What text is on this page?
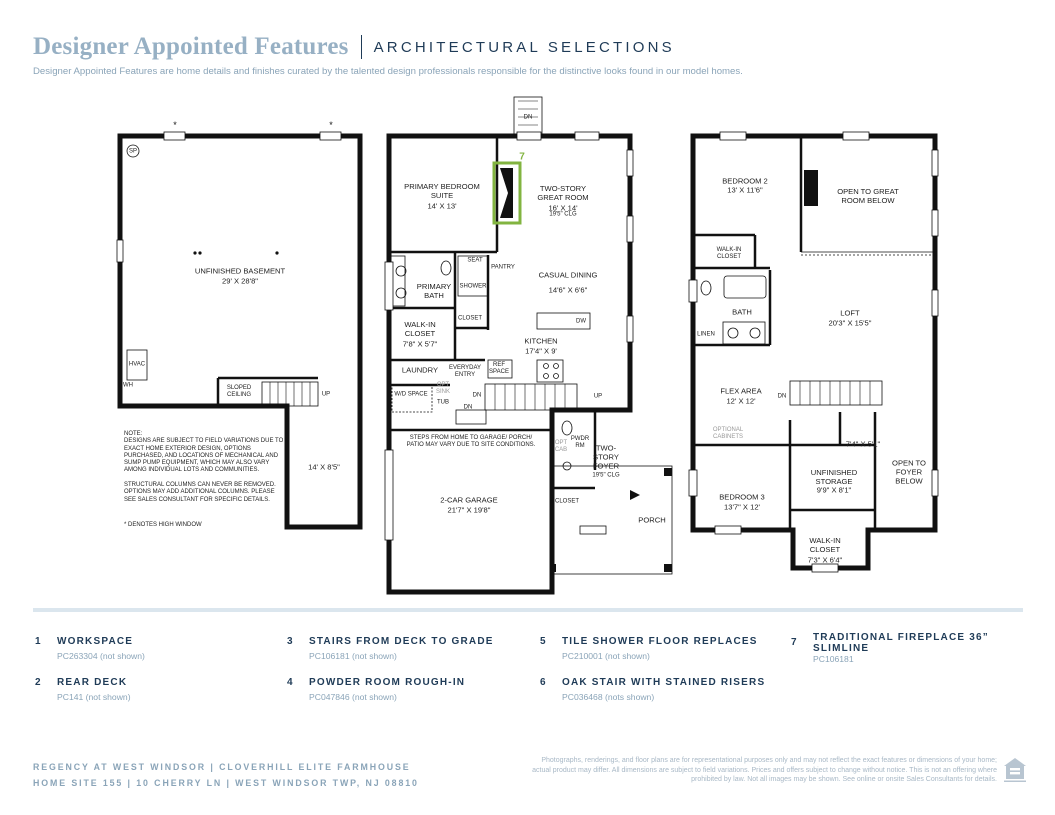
Designer Appointed Features ARCHITECTURAL SELECTIONS
Designer Appointed Features are home details and finishes curated by the talented design professionals responsible for the distinctive looks found in our model homes.
*	*
SP
UNFINISHED BASEMENT
29' X 28'8"
HVAC
WH	SLOPED CEILING	UP
14' X 8'5"
NOTE:
DESIGNS ARE SUBJECT TO FIELD VARIATIONS DUE TO EXACT HOME EXTERIOR DESIGN, OPTIONS PURCHASED, AND LOCATIONS OF MECHANICAL AND SUMP PUMP EQUIPMENT, WHICH MAY ALSO VARY AMONG INDIVIDUAL LOTS AND COMMUNITIES.

STRUCTURAL COLUMNS CAN NEVER BE REMOVED. OPTIONS MAY ADD ADDITIONAL COLUMNS. PLEASE SEE SALES CONSULTANT FOR SPECIFIC DETAILS.
* DENOTES HIGH WINDOW
DN
PRIMARY BEDROOM SUITE
14' X 13'
7
TWO-STORY GREAT ROOM
16' X 14'
19'5" CLG
SEAT
SHOWER
PANTRY
PRIMARY BATH
CASUAL DINING
14'6" X 6'6"
CLOSET	DW
WALK-IN CLOSET
7'8" X 5'7"	KITCHEN
17'4" X 9'
LAUNDRY EVERYDAY ENTRY
REF SPACE
OPT SINK
W/D SPACE
TUB
DN
DN
UP
STEPS FROM HOME TO GARAGE/ PORCH/ PATIO MAY VARY DUE TO SITE CONDITIONS.	OPT CAB
PWDR RM	TWO-STORY FOYER
19'5" CLG
2-CAR GARAGE
21'7" X 19'8"
CLOSET
PORCH
BEDROOM 2
13' X 11'6"	OPEN TO GREAT ROOM BELOW
WALK-IN CLOSET
BATH
LINEN
LOFT
20'3" X 15'5"
FLEX AREA
12' X 12'	DN
OPTIONAL CABINETS
7'4" X 5'1"
UNFINISHED STORAGE
9'9" X 8'1"
OPEN TO FOYER BELOW
BEDROOM 3
13'7" X 12'
WALK-IN CLOSET
7'3" X 6'4"
1 WORKSPACE
PC263304 (not shown)
2 REAR DECK
PC141 (not shown)
3 STAIRS FROM DECK TO GRADE
PC106181 (not shown)
4 POWDER ROOM ROUGH-IN
PC047846 (not shown)
5 TILE SHOWER FLOOR REPLACES
PC210001 (not shown)
6 OAK STAIR WITH STAINED RISERS
PC036468 (nots shown)
7 TRADITIONAL FIREPLACE 36” SLIMLINE
PC106181
REGENCY AT WEST WINDSOR | CLOVERHILL ELITE FARMHOUSE
HOME SITE 155 | 10 CHERRY LN | WEST WINDSOR TWP, NJ 08810
Photographs, renderings, and floor plans are for representational purposes only and may not reflect the exact features or dimensions of your home; actual product may differ. All dimensions are subject to field variations. Prices and offers subject to change without notice. This is not an offering where prohibited by law. Not all images may be shown. See online or onsite Sales Consultants for details.
